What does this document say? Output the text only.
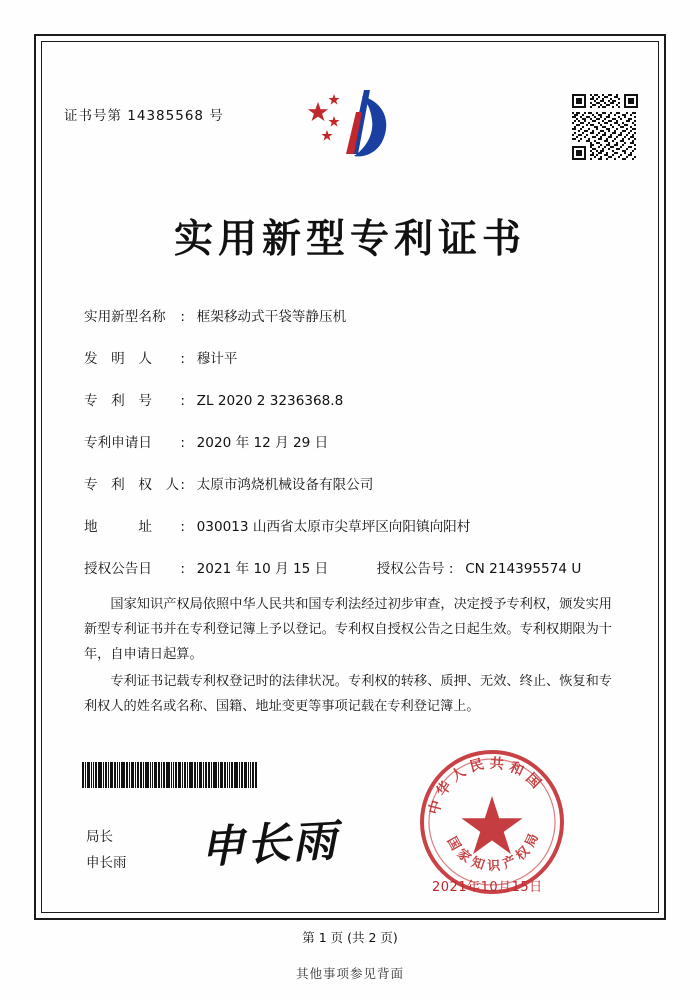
证书号第 14385568 号
实用新型专利证书
实用新型名称 : 框架移动式干袋等静压机
发　明　人 : 穆计平
专　利　号 : ZL 2020 2 3236368.8
专利申请日 : 2020 年 12 月 29 日
专　利　权　人 : 太原市鸿烧机械设备有限公司
地　　　址 : 030013 山西省太原市尖草坪区向阳镇向阳村
授权公告日 : 2021 年 10 月 15 日	授权公告号 : CN 214395574 U

国家知识产权局依照中华人民共和国专利法经过初步审查，决定授予专利权，颁发实用新型专利证书并在专利登记簿上予以登记。专利权自授权公告之日起生效。专利权期限为十年，自申请日起算。

专利证书记载专利权登记时的法律状况。专利权的转移、质押、无效、终止、恢复和专利权人的姓名或名称、国籍、地址变更等事项记载在专利登记簿上。

局长
申长雨 申长雨
中 华 人 民 共 和 国
国 家 知 识 产 权 局
2021年10月15日
第 1 页 (共 2 页)
其他事项参见背面
